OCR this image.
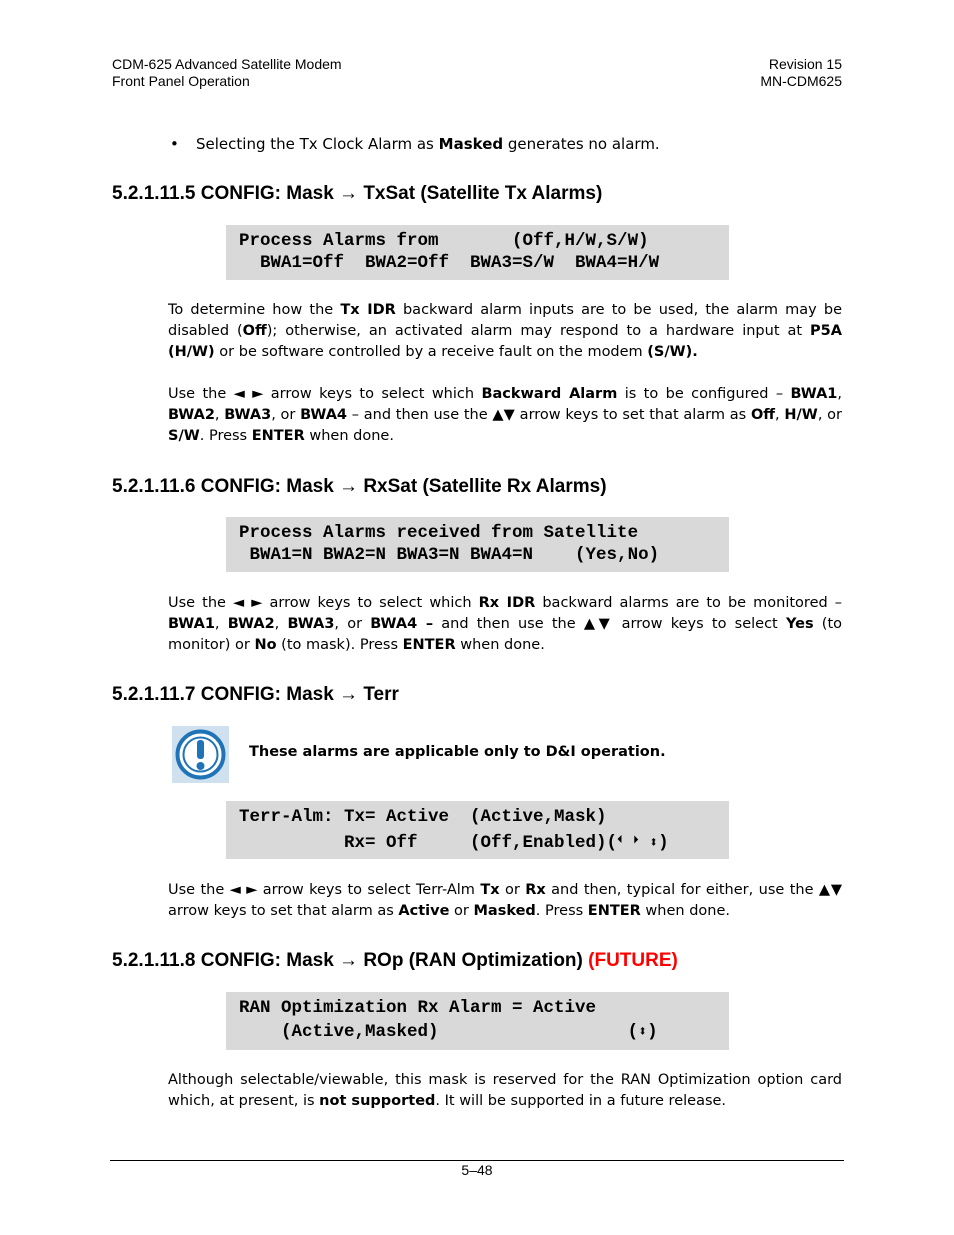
CDM-625 Advanced Satellite Modem
Front Panel Operation
Revision 15
MN-CDM625
• Selecting the Tx Clock Alarm as Masked generates no alarm.
5.2.1.11.5 CONFIG: Mask → TxSat (Satellite Tx Alarms)
Process Alarms from       (Off,H/W,S/W)
BWA1=Off  BWA2=Off  BWA3=S/W  BWA4=H/W
To determine how the Tx IDR backward alarm inputs are to be used, the alarm may be disabled (Off); otherwise, an activated alarm may respond to a hardware input at P5A (H/W) or be software controlled by a receive fault on the modem (S/W).
Use the ◄ ► arrow keys to select which Backward Alarm is to be configured – BWA1, BWA2, BWA3, or BWA4 – and then use the ▲▼ arrow keys to set that alarm as Off, H/W, or S/W. Press ENTER when done.
5.2.1.11.6 CONFIG: Mask → RxSat (Satellite Rx Alarms)
Process Alarms received from Satellite
BWA1=N BWA2=N BWA3=N BWA4=N    (Yes,No)
Use the ◄ ► arrow keys to select which Rx IDR backward alarms are to be monitored – BWA1, BWA2, BWA3, or BWA4 – and then use the ▲▼ arrow keys to select Yes (to monitor) or No (to mask). Press ENTER when done.
5.2.1.11.7 CONFIG: Mask → Terr
These alarms are applicable only to D&I operation.
Terr-Alm: Tx= Active  (Active,Mask)
Rx= Off     (Off,Enabled)(⏴ ⏵ ⬍)
Use the ◄ ► arrow keys to select Terr-Alm Tx or Rx and then, typical for either, use the ▲▼ arrow keys to set that alarm as Active or Masked. Press ENTER when done.
5.2.1.11.8 CONFIG: Mask → ROp (RAN Optimization) (FUTURE)
RAN Optimization Rx Alarm = Active
(Active,Masked)                  (⬍)
Although selectable/viewable, this mask is reserved for the RAN Optimization option card which, at present, is not supported. It will be supported in a future release.
5–48
